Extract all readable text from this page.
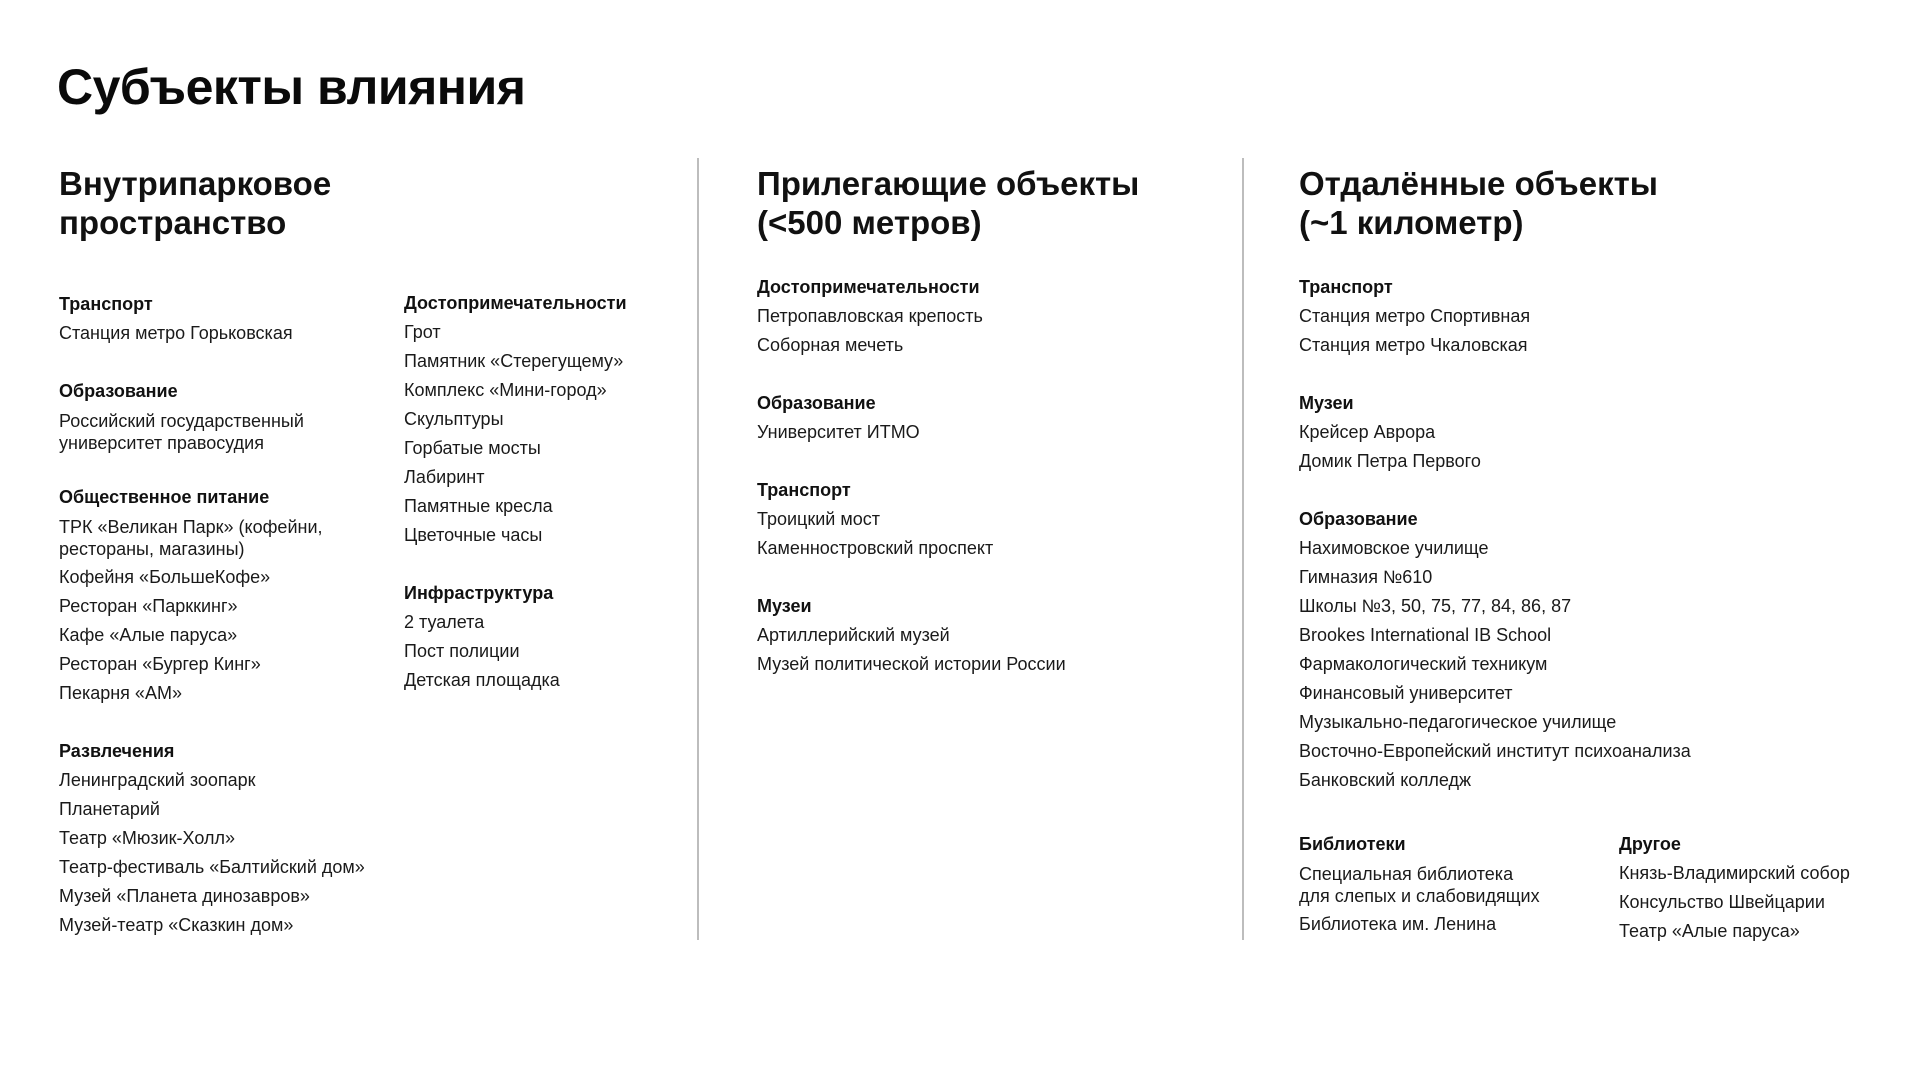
Субъекты влияния
Внутрипарковое
пространство

Транспорт

Станция метро Горьковская

Образование

Российский государственный
университет правосудия

Общественное питание

ТРК «Великан Парк» (кофейни,
рестораны, магазины)

Кофейня «БольшеКофе»

Ресторан «Парккинг»

Кафе «Алые паруса»

Ресторан «Бургер Кинг»

Пекарня «АМ»

Развлечения

Ленинградский зоопарк

Планетарий

Театр «Мюзик-Холл»

Театр-фестиваль «Балтийский дом»

Музей «Планета динозавров»

Музей-театр «Сказкин дом»

Достопримечательности

Грот

Памятник «Стерегущему»

Комплекс «Мини-город»

Скульптуры

Горбатые мосты

Лабиринт

Памятные кресла

Цветочные часы

Инфраструктура

2 туалета

Пост полиции

Детская площадка

Прилегающие объекты
(<500 метров)

Достопримечательности

Петропавловская крепость

Соборная мечеть

Образование

Университет ИТМО

Транспорт

Троицкий мост

Каменностровский проспект

Музеи

Артиллерийский музей

Музей политической истории России

Отдалённые объекты
(~1 километр)

Транспорт

Станция метро Спортивная

Станция метро Чкаловская

Музеи

Крейсер Аврора

Домик Петра Первого

Образование

Нахимовское училище

Гимназия №610

Школы №3, 50, 75, 77, 84, 86, 87

Brookes International IB School

Фармакологический техникум

Финансовый университет

Музыкально-педагогическое училище

Восточно-Европейский институт психоанализа

Банковский колледж

Библиотеки

Специальная библиотека
для слепых и слабовидящих

Библиотека им. Ленина

Другое

Князь-Владимирский собор

Консульство Швейцарии

Театр «Алые паруса»
